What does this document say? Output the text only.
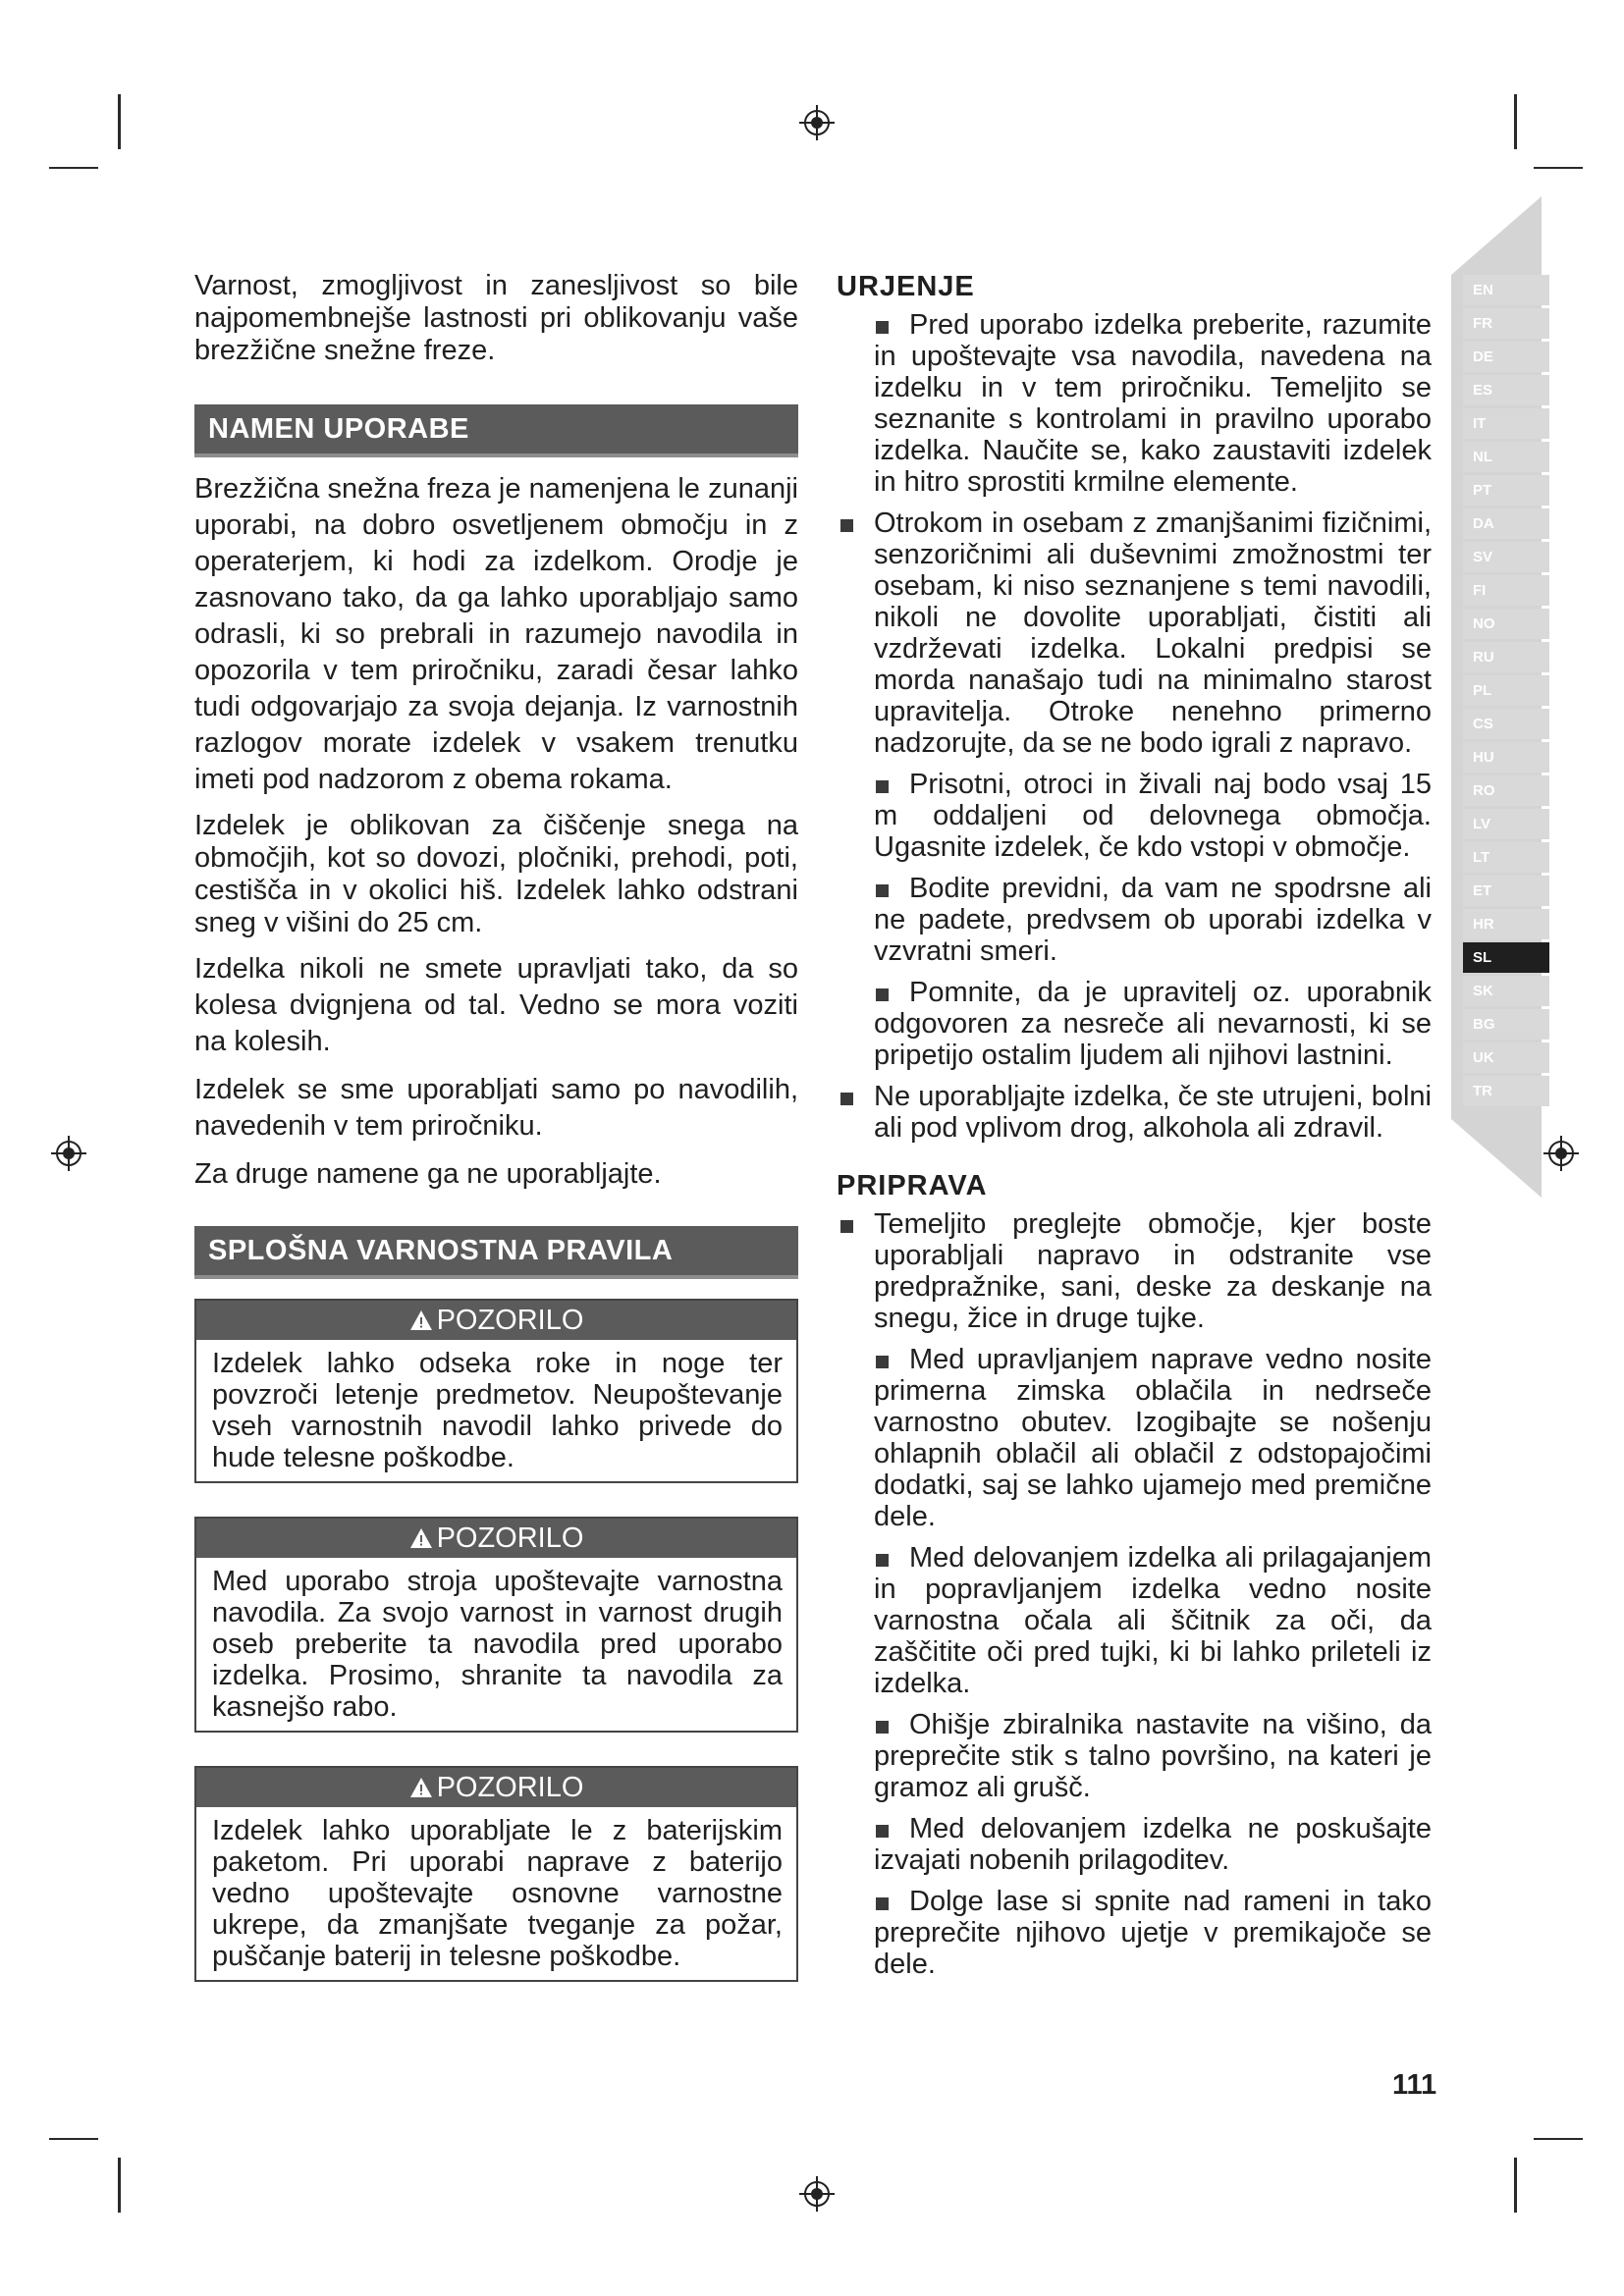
Varnost, zmogljivost in zanesljivost so bile najpomembnejše lastnosti pri oblikovanju vaše brezžične snežne freze.

NAMEN UPORABE

Brezžična snežna freza je namenjena le zunanji uporabi, na dobro osvetljenem območju in z operaterjem, ki hodi za izdelkom. Orodje je zasnovano tako, da ga lahko uporabljajo samo odrasli, ki so prebrali in razumejo navodila in opozorila v tem priročniku, zaradi česar lahko tudi odgovarjajo za svoja dejanja. Iz varnostnih razlogov morate izdelek v vsakem trenutku imeti pod nadzorom z obema rokama.

Izdelek je oblikovan za čiščenje snega na območjih, kot so dovozi, pločniki, prehodi, poti, cestišča in v okolici hiš. Izdelek lahko odstrani sneg v višini do 25 cm.

Izdelka nikoli ne smete upravljati tako, da so kolesa dvignjena od tal. Vedno se mora voziti na kolesih.

Izdelek se sme uporabljati samo po navodilih, navedenih v tem priročniku.

Za druge namene ga ne uporabljajte.

SPLOŠNA VARNOSTNA PRAVILA
POZORILO
Izdelek lahko odseka roke in noge ter povzroči letenje predmetov. Neupoštevanje vseh varnostnih navodil lahko privede do hude telesne poškodbe.
POZORILO
Med uporabo stroja upoštevajte varnostna navodila. Za svojo varnost in varnost drugih oseb preberite ta navodila pred uporabo izdelka. Prosimo, shranite ta navodila za kasnejšo rabo.
POZORILO
Izdelek lahko uporabljate le z baterijskim paketom. Pri uporabi naprave z baterijo vedno upoštevajte osnovne varnostne ukrepe, da zmanjšate tveganje za požar, puščanje baterij in telesne poškodbe.
URJENJE
Pred uporabo izdelka preberite, razumite in upoštevajte vsa navodila, navedena na izdelku in v tem priročniku. Temeljito se seznanite s kontrolami in pravilno uporabo izdelka. Naučite se, kako zaustaviti izdelek in hitro sprostiti krmilne elemente.
Otrokom in osebam z zmanjšanimi fizičnimi, senzoričnimi ali duševnimi zmožnostmi ter osebam, ki niso seznanjene s temi navodili, nikoli ne dovolite uporabljati, čistiti ali vzdrževati izdelka. Lokalni predpisi se morda nanašajo tudi na minimalno starost upravitelja. Otroke nenehno primerno nadzorujte, da se ne bodo igrali z napravo.
Prisotni, otroci in živali naj bodo vsaj 15 m oddaljeni od delovnega območja. Ugasnite izdelek, če kdo vstopi v območje.
Bodite previdni, da vam ne spodrsne ali ne padete, predvsem ob uporabi izdelka v vzvratni smeri.
Pomnite, da je upravitelj oz. uporabnik odgovoren za nesreče ali nevarnosti, ki se pripetijo ostalim ljudem ali njihovi lastnini.
Ne uporabljajte izdelka, če ste utrujeni, bolni ali pod vplivom drog, alkohola ali zdravil.
PRIPRAVA
Temeljito preglejte območje, kjer boste uporabljali napravo in odstranite vse predpražnike, sani, deske za deskanje na snegu, žice in druge tujke.
Med upravljanjem naprave vedno nosite primerna zimska oblačila in nedrseče varnostno obutev. Izogibajte se nošenju ohlapnih oblačil ali oblačil z odstopajočimi dodatki, saj se lahko ujamejo med premične dele.
Med delovanjem izdelka ali prilagajanjem in popravljanjem izdelka vedno nosite varnostna očala ali ščitnik za oči, da zaščitite oči pred tujki, ki bi lahko prileteli iz izdelka.
Ohišje zbiralnika nastavite na višino, da preprečite stik s talno površino, na kateri je gramoz ali grušč.
Med delovanjem izdelka ne poskušajte izvajati nobenih prilagoditev.
Dolge lase si spnite nad rameni in tako preprečite njihovo ujetje v premikajoče se dele.
EN
FR
DE
ES
IT
NL
PT
DA
SV
FI
NO
RU
PL
CS
HU
RO
LV
LT
ET
HR
SL
SK
BG
UK
TR
111
